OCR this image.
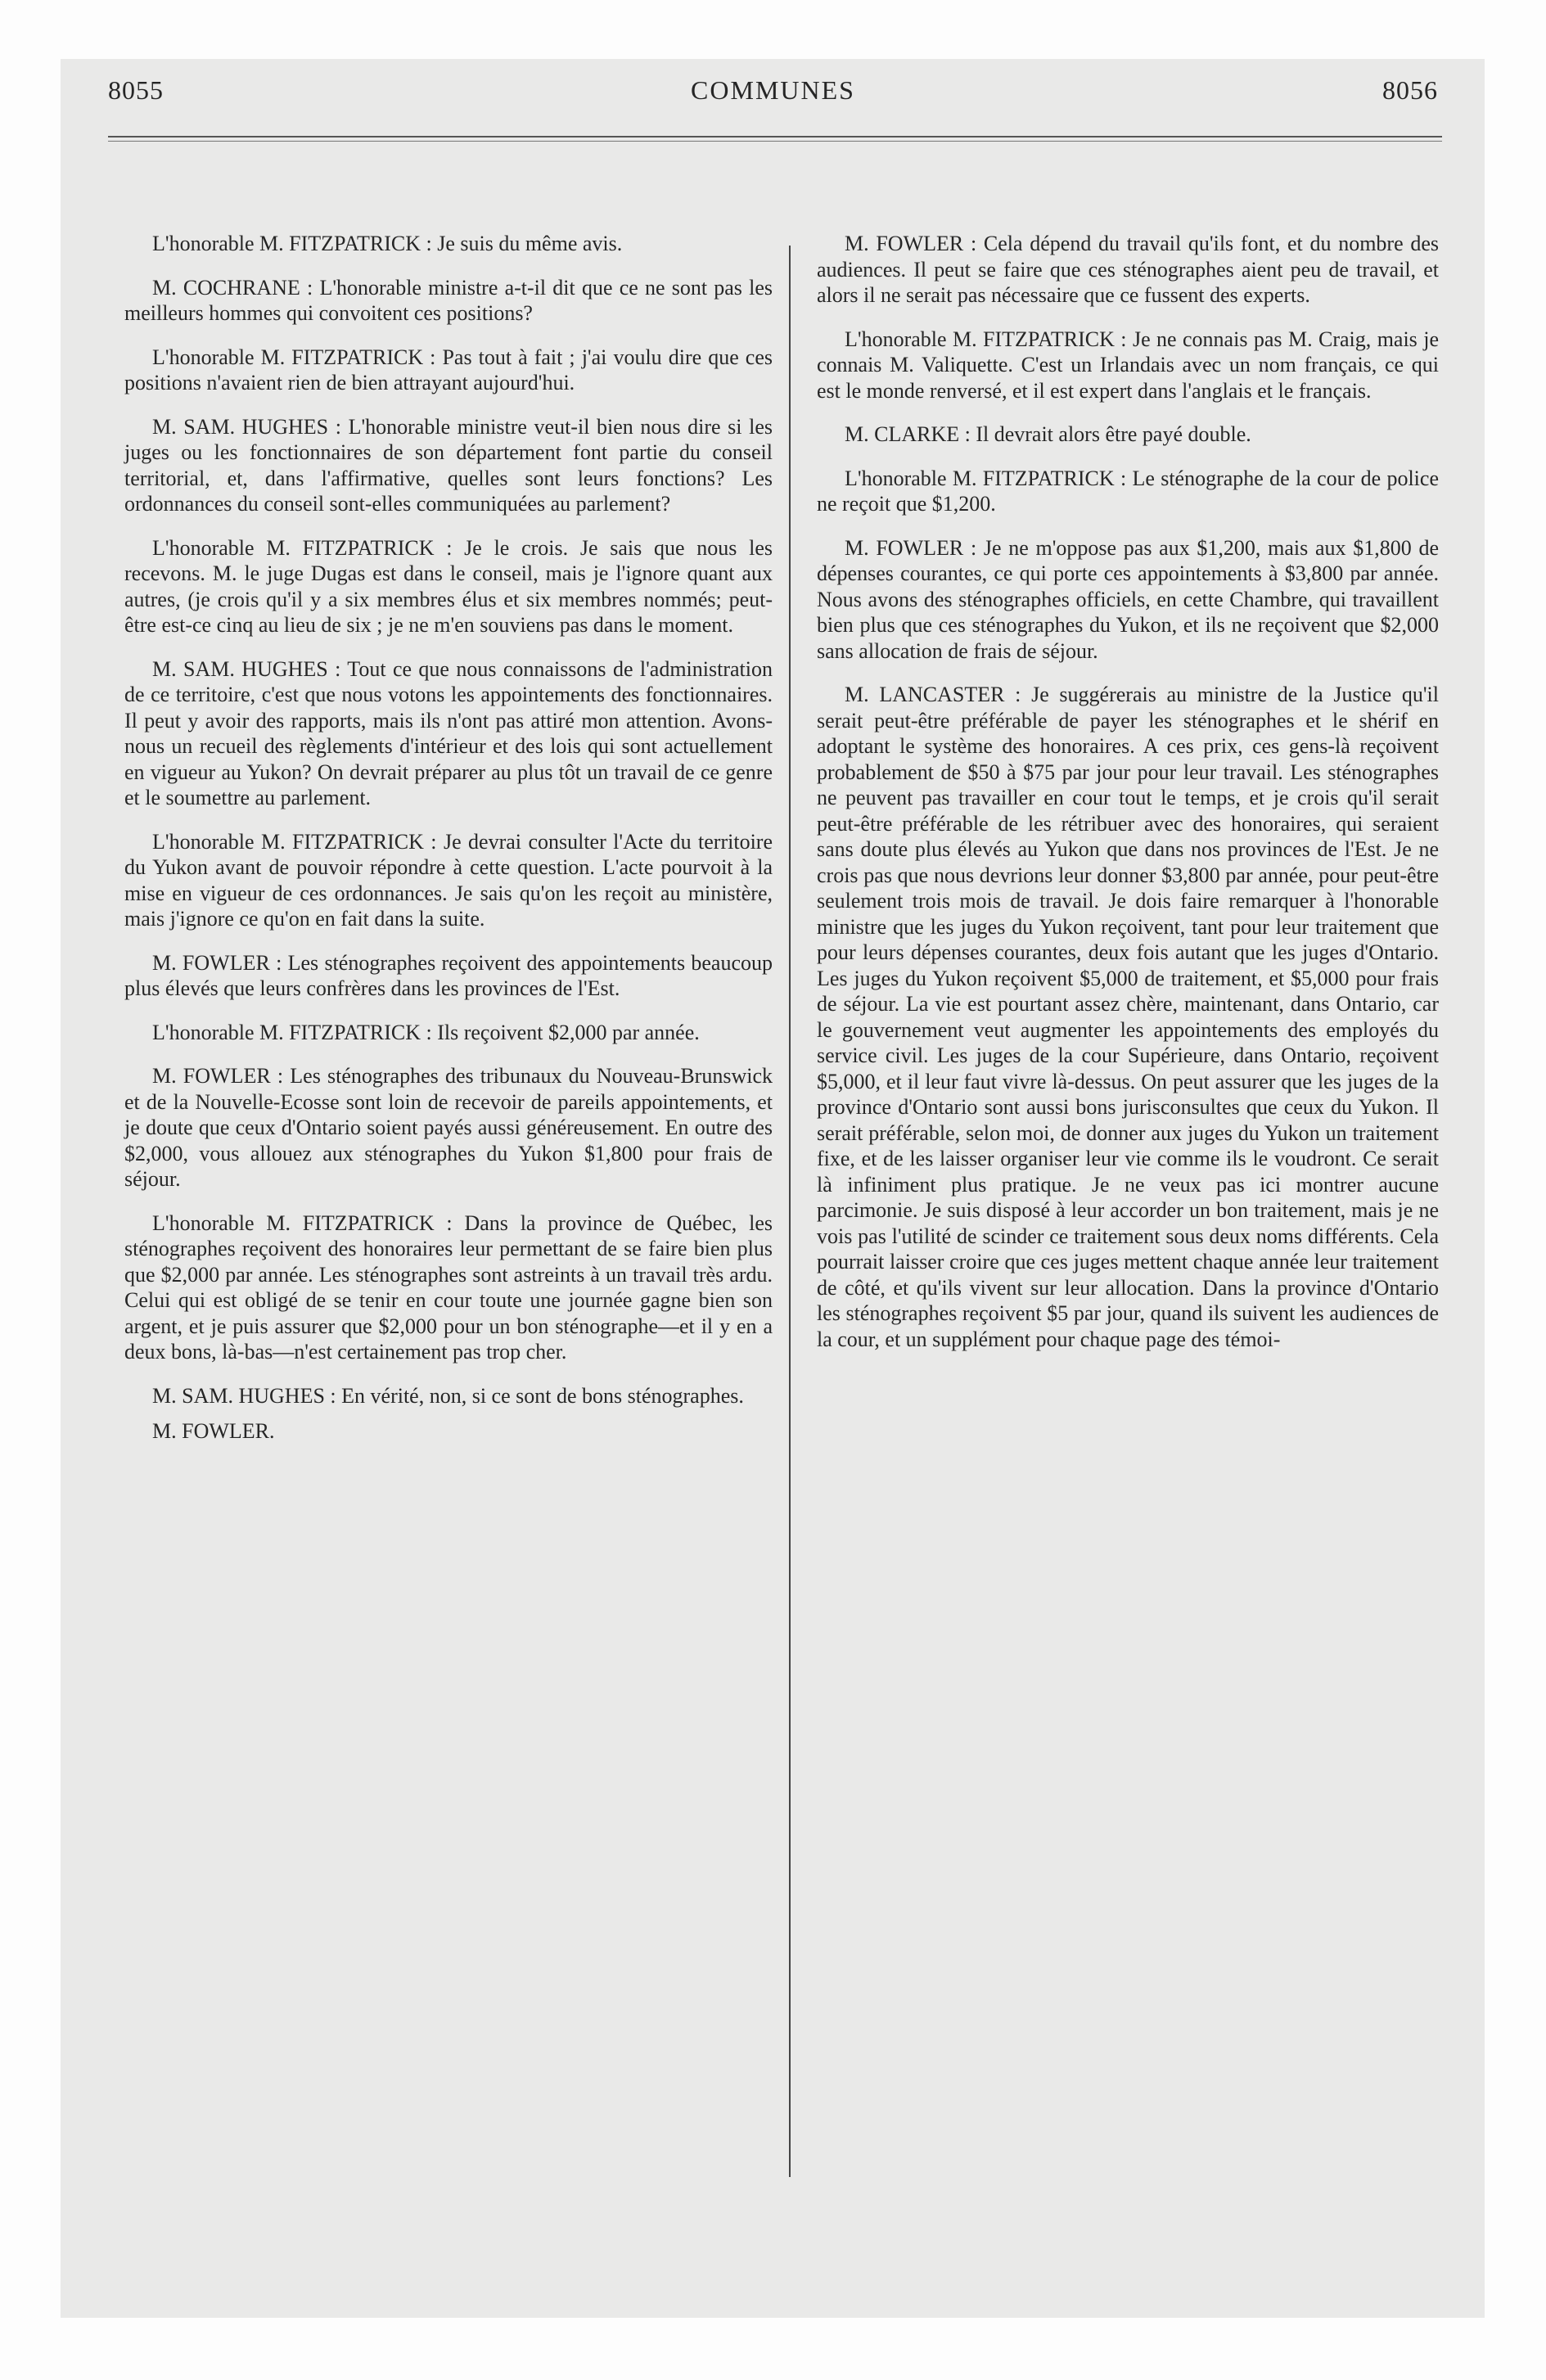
8055	COMMUNES	8056

L'honorable M. FITZPATRICK : Je suis du même avis.

M. COCHRANE : L'honorable ministre a-t-il dit que ce ne sont pas les meilleurs hommes qui convoitent ces positions?

L'honorable M. FITZPATRICK : Pas tout à fait ; j'ai voulu dire que ces positions n'avaient rien de bien attrayant aujourd'hui.

M. SAM. HUGHES : L'honorable ministre veut-il bien nous dire si les juges ou les fonctionnaires de son département font partie du conseil territorial, et, dans l'affirmative, quelles sont leurs fonctions? Les ordonnances du conseil sont-elles communiquées au parlement?

L'honorable M. FITZPATRICK : Je le crois. Je sais que nous les recevons. M. le juge Dugas est dans le conseil, mais je l'ignore quant aux autres, (je crois qu'il y a six membres élus et six membres nommés; peut-être est-ce cinq au lieu de six ; je ne m'en souviens pas dans le moment.

M. SAM. HUGHES : Tout ce que nous connaissons de l'administration de ce territoire, c'est que nous votons les appointements des fonctionnaires. Il peut y avoir des rapports, mais ils n'ont pas attiré mon attention. Avons-nous un recueil des règlements d'intérieur et des lois qui sont actuellement en vigueur au Yukon? On devrait préparer au plus tôt un travail de ce genre et le soumettre au parlement.

L'honorable M. FITZPATRICK : Je devrai consulter l'Acte du territoire du Yukon avant de pouvoir répondre à cette question. L'acte pourvoit à la mise en vigueur de ces ordonnances. Je sais qu'on les reçoit au ministère, mais j'ignore ce qu'on en fait dans la suite.

M. FOWLER : Les sténographes reçoivent des appointements beaucoup plus élevés que leurs confrères dans les provinces de l'Est.

L'honorable M. FITZPATRICK : Ils reçoivent $2,000 par année.

M. FOWLER : Les sténographes des tribunaux du Nouveau-Brunswick et de la Nouvelle-Ecosse sont loin de recevoir de pareils appointements, et je doute que ceux d'Ontario soient payés aussi généreusement. En outre des $2,000, vous allouez aux sténographes du Yukon $1,800 pour frais de séjour.

L'honorable M. FITZPATRICK : Dans la province de Québec, les sténographes reçoivent des honoraires leur permettant de se faire bien plus que $2,000 par année. Les sténographes sont astreints à un travail très ardu. Celui qui est obligé de se tenir en cour toute une journée gagne bien son argent, et je puis assurer que $2,000 pour un bon sténographe—et il y en a deux bons, là-bas—n'est certainement pas trop cher.

M. SAM. HUGHES : En vérité, non, si ce sont de bons sténographes.

M. FOWLER.

M. FOWLER : Cela dépend du travail qu'ils font, et du nombre des audiences. Il peut se faire que ces sténographes aient peu de travail, et alors il ne serait pas nécessaire que ce fussent des experts.

L'honorable M. FITZPATRICK : Je ne connais pas M. Craig, mais je connais M. Valiquette. C'est un Irlandais avec un nom français, ce qui est le monde renversé, et il est expert dans l'anglais et le français.

M. CLARKE : Il devrait alors être payé double.

L'honorable M. FITZPATRICK : Le sténographe de la cour de police ne reçoit que $1,200.

M. FOWLER : Je ne m'oppose pas aux $1,200, mais aux $1,800 de dépenses courantes, ce qui porte ces appointements à $3,800 par année. Nous avons des sténographes officiels, en cette Chambre, qui travaillent bien plus que ces sténographes du Yukon, et ils ne reçoivent que $2,000 sans allocation de frais de séjour.

M. LANCASTER : Je suggérerais au ministre de la Justice qu'il serait peut-être préférable de payer les sténographes et le shérif en adoptant le système des honoraires. A ces prix, ces gens-là reçoivent probablement de $50 à $75 par jour pour leur travail. Les sténographes ne peuvent pas travailler en cour tout le temps, et je crois qu'il serait peut-être préférable de les rétribuer avec des honoraires, qui seraient sans doute plus élevés au Yukon que dans nos provinces de l'Est. Je ne crois pas que nous devrions leur donner $3,800 par année, pour peut-être seulement trois mois de travail. Je dois faire remarquer à l'honorable ministre que les juges du Yukon reçoivent, tant pour leur traitement que pour leurs dépenses courantes, deux fois autant que les juges d'Ontario. Les juges du Yukon reçoivent $5,000 de traitement, et $5,000 pour frais de séjour. La vie est pourtant assez chère, maintenant, dans Ontario, car le gouvernement veut augmenter les appointements des employés du service civil. Les juges de la cour Supérieure, dans Ontario, reçoivent $5,000, et il leur faut vivre là-dessus. On peut assurer que les juges de la province d'Ontario sont aussi bons jurisconsultes que ceux du Yukon. Il serait préférable, selon moi, de donner aux juges du Yukon un traitement fixe, et de les laisser organiser leur vie comme ils le voudront. Ce serait là infiniment plus pratique. Je ne veux pas ici montrer aucune parcimonie. Je suis disposé à leur accorder un bon traitement, mais je ne vois pas l'utilité de scinder ce traitement sous deux noms différents. Cela pourrait laisser croire que ces juges mettent chaque année leur traitement de côté, et qu'ils vivent sur leur allocation. Dans la province d'Ontario les sténographes reçoivent $5 par jour, quand ils suivent les audiences de la cour, et un supplément pour chaque page des témoi-
